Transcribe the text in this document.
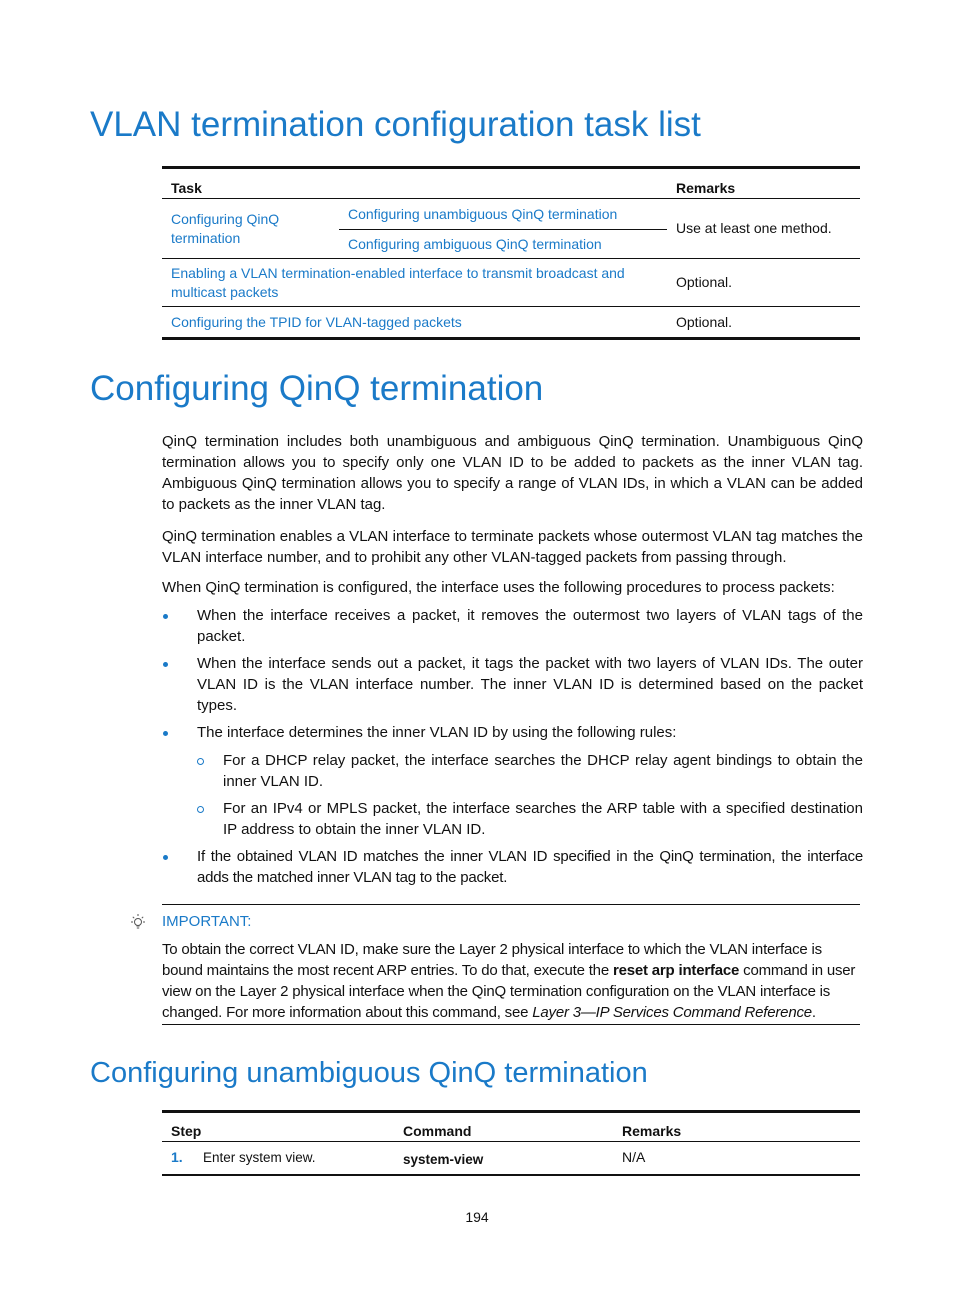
VLAN termination configuration task list
Task		Remarks
Configuring QinQ termination	Configuring unambiguous QinQ termination	Use at least one method.
	Configuring ambiguous QinQ termination	
Enabling a VLAN termination-enabled interface to transmit broadcast and multicast packets		Optional.
Configuring the TPID for VLAN-tagged packets		Optional.
Configuring QinQ termination

QinQ termination includes both unambiguous and ambiguous QinQ termination. Unambiguous QinQ termination allows you to specify only one VLAN ID to be added to packets as the inner VLAN tag. Ambiguous QinQ termination allows you to specify a range of VLAN IDs, in which a VLAN can be added to packets as the inner VLAN tag.

QinQ termination enables a VLAN interface to terminate packets whose outermost VLAN tag matches the VLAN interface number, and to prohibit any other VLAN-tagged packets from passing through.

When QinQ termination is configured, the interface uses the following procedures to process packets:

When the interface receives a packet, it removes the outermost two layers of VLAN tags of the packet.
When the interface sends out a packet, it tags the packet with two layers of VLAN IDs. The outer VLAN ID is the VLAN interface number. The inner VLAN ID is determined based on the packet types.
The interface determines the inner VLAN ID by using the following rules:
For a DHCP relay packet, the interface searches the DHCP relay agent bindings to obtain the inner VLAN ID.
For an IPv4 or MPLS packet, the interface searches the ARP table with a specified destination IP address to obtain the inner VLAN ID.
If the obtained VLAN ID matches the inner VLAN ID specified in the QinQ termination, the interface adds the matched inner VLAN tag to the packet.
IMPORTANT:

To obtain the correct VLAN ID, make sure the Layer 2 physical interface to which the VLAN interface is bound maintains the most recent ARP entries. To do that, execute the reset arp interface command in user view on the Layer 2 physical interface when the QinQ termination configuration on the VLAN interface is changed. For more information about this command, see Layer 3—IP Services Command Reference.

Configuring unambiguous QinQ termination
Step	Command	Remarks
1. Enter system view.	system-view	N/A
194
